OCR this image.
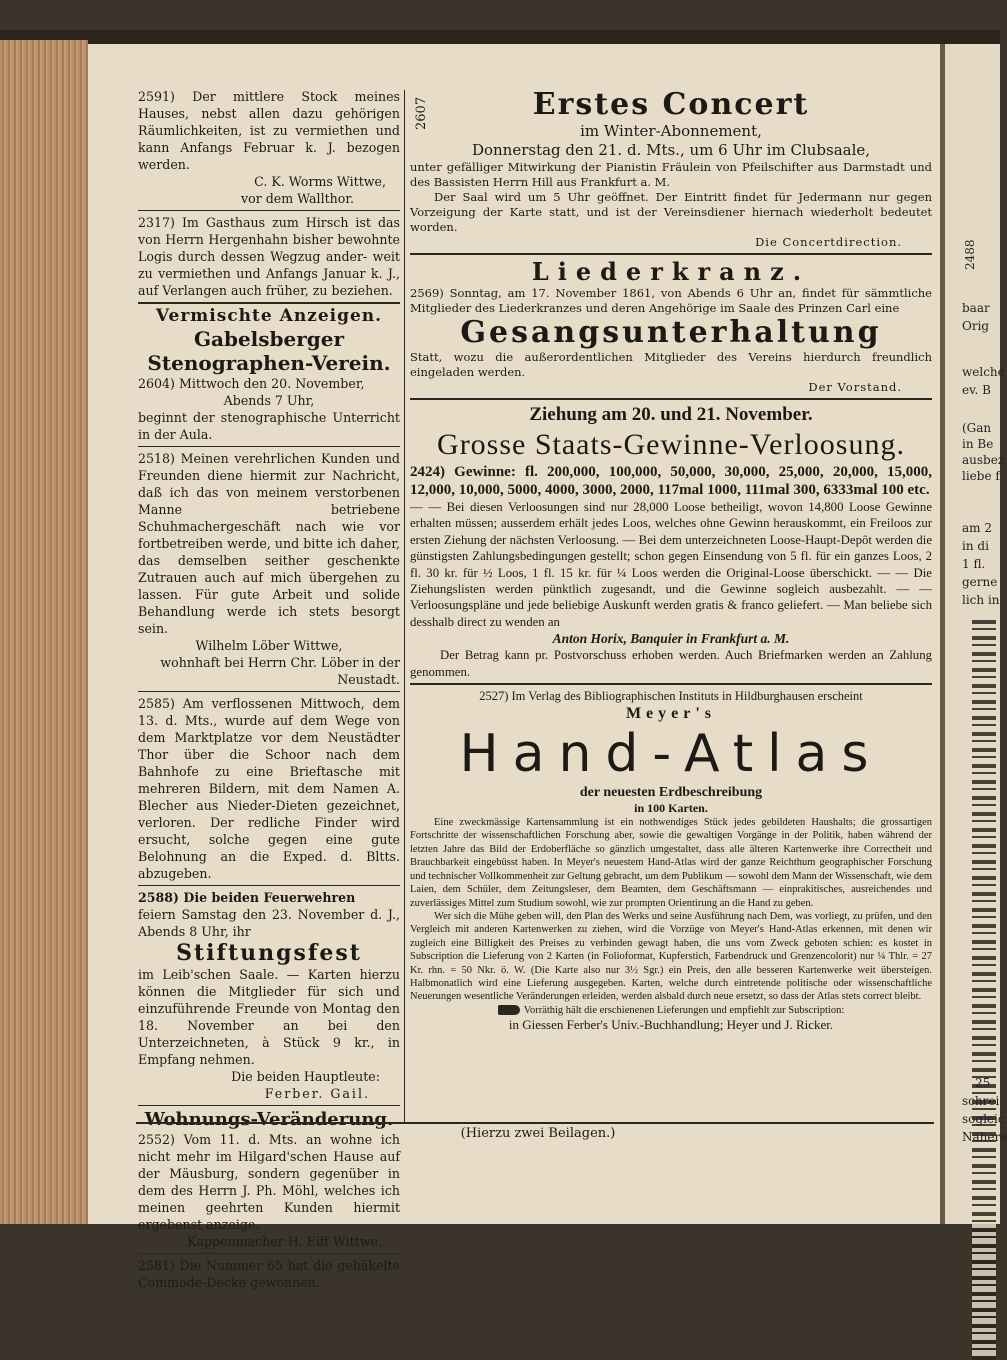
2488
baar
Orig
welche
ev. B
(Gan
in Be
ausbez
liebe f
am 2
in di
1 fl.
gerne
lich in
25
schrei
sogleic
Nähere
2607

2591) Der mittlere Stock meines Hauses, nebst allen dazu gehörigen Räumlichkeiten, ist zu vermiethen und kann Anfangs Februar k. J. bezogen werden.

C. K. Worms Wittwe,

vor dem Wallthor.

2317) Im Gasthaus zum Hirsch ist das von Herrn Hergenhahn bisher bewohnte Logis durch dessen Wegzug ander- weit zu vermiethen und Anfangs Januar k. J., auf Verlangen auch früher, zu beziehen.

Vermischte Anzeigen.
Gabelsberger
Stenographen-Verein.

2604) Mittwoch den 20. November,

Abends 7 Uhr,

beginnt der stenographische Unterricht in der Aula.

2518) Meinen verehrlichen Kunden und Freunden diene hiermit zur Nachricht, daß ich das von meinem verstorbenen Manne betriebene Schuhmachergeschäft nach wie vor fortbetreiben werde, und bitte ich daher, das demselben seither geschenkte Zutrauen auch auf mich übergehen zu lassen. Für gute Arbeit und solide Behandlung werde ich stets besorgt sein.

Wilhelm Löber Wittwe,

wohnhaft bei Herrn Chr. Löber in der Neustadt.

2585) Am verflossenen Mittwoch, dem 13. d. Mts., wurde auf dem Wege von dem Marktplatze vor dem Neustädter Thor über die Schoor nach dem Bahnhofe zu eine Brieftasche mit mehreren Bildern, mit dem Namen A. Blecher aus Nieder-Dieten gezeichnet, verloren. Der redliche Finder wird ersucht, solche gegen eine gute Belohnung an die Exped. d. Bltts. abzugeben.

2588) Die beiden Feuerwehren

feiern Samstag den 23. November d. J., Abends 8 Uhr, ihr

Stiftungsfest

im Leib'schen Saale. — Karten hierzu können die Mitglieder für sich und einzuführende Freunde von Montag den 18. November an bei den Unterzeichneten, à Stück 9 kr., in Empfang nehmen.

Die beiden Hauptleute:

Ferber. Gail.

Wohnungs-Veränderung.

2552) Vom 11. d. Mts. an wohne ich nicht mehr im Hilgard'schen Hause auf der Mäusburg, sondern gegenüber in dem des Herrn J. Ph. Möhl, welches ich meinen geehrten Kunden hiermit ergebenst anzeige.

Kappenmacher H. Eiff Wittwe.

2581) Die Nummer 65 hat die gehäkelte Commode-Decke gewonnen.

Erstes Concert
im Winter-Abonnement,
Donnerstag den 21. d. Mts., um 6 Uhr im Clubsaale,

unter gefälliger Mitwirkung der Pianistin Fräulein von Pfeilschifter aus Darmstadt und des Bassisten Herrn Hill aus Frankfurt a. M.

Der Saal wird um 5 Uhr geöffnet. Der Eintritt findet für Jedermann nur gegen Vorzeigung der Karte statt, und ist der Vereinsdiener hiernach wiederholt bedeutet worden.

Die Concertdirection.

Liederkranz.

2569) Sonntag, am 17. November 1861, von Abends 6 Uhr an, findet für sämmtliche Mitglieder des Liederkranzes und deren Angehörige im Saale des Prinzen Carl eine

Gesangsunterhaltung

Statt, wozu die außerordentlichen Mitglieder des Vereins hierdurch freundlich eingeladen werden.

Der Vorstand.

Ziehung am 20. und 21. November.
Grosse Staats-Gewinne-Verloosung.

2424) Gewinne: fl. 200,000, 100,000, 50,000, 30,000, 25,000, 20,000, 15,000, 12,000, 10,000, 5000, 4000, 3000, 2000, 117mal 1000, 111mal 300, 6333mal 100 etc.

— — Bei diesen Verloosungen sind nur 28,000 Loose betheiligt, wovon 14,800 Loose Gewinne erhalten müssen; ausserdem erhält jedes Loos, welches ohne Gewinn herauskommt, ein Freiloos zur ersten Ziehung der nächsten Verloosung. — Bei dem unterzeichneten Loose-Haupt-Depôt werden die günstigsten Zahlungsbedingungen gestellt; schon gegen Einsendung von 5 fl. für ein ganzes Loos, 2 fl. 30 kr. für ½ Loos, 1 fl. 15 kr. für ¼ Loos werden die Original-Loose überschickt. — — Die Ziehungslisten werden pünktlich zugesandt, und die Gewinne sogleich ausbezahlt. — — Verloosungspläne und jede beliebige Auskunft werden gratis & franco geliefert. — Man beliebe sich desshalb direct zu wenden an

Anton Horix, Banquier in Frankfurt a. M.

Der Betrag kann pr. Postvorschuss erhoben werden. Auch Briefmarken werden an Zahlung genommen.

2527) Im Verlag des Bibliographischen Instituts in Hildburghausen erscheint

Meyer's
Hand-Atlas
der neuesten Erdbeschreibung
in 100 Karten.

Eine zweckmässige Kartensammlung ist ein nothwendiges Stück jedes gebildeten Haushalts; die grossartigen Fortschritte der wissenschaftlichen Forschung aber, sowie die gewaltigen Vorgänge in der Politik, haben während der letzten Jahre das Bild der Erdoberfläche so gänzlich umgestaltet, dass alle älteren Kartenwerke ihre Correctheit und Brauchbarkeit eingebüsst haben. In Meyer's neuestem Hand-Atlas wird der ganze Reichthum geographischer Forschung und technischer Vollkommenheit zur Geltung gebracht, um dem Publikum — sowohl dem Mann der Wissenschaft, wie dem Laien, dem Schüler, dem Zeitungsleser, dem Beamten, dem Geschäftsmann — einprakitisches, ausreichendes und zuverlässiges Mittel zum Studium sowohl, wie zur prompten Orientirung an die Hand zu geben.

Wer sich die Mühe geben will, den Plan des Werks und seine Ausführung nach Dem, was vorliegt, zu prüfen, und den Vergleich mit anderen Kartenwerken zu ziehen, wird die Vorzüge von Meyer's Hand-Atlas erkennen, mit denen wir zugleich eine Billigkeit des Preises zu verbinden gewagt haben, die uns vom Zweck geboten schien: es kostet in Subscription die Lieferung von 2 Karten (in Folioformat, Kupferstich, Farbendruck und Grenzencolorit) nur ¼ Thlr. = 27 Kr. rhn. = 50 Nkr. ö. W. (Die Karte also nur 3½ Sgr.) ein Preis, den alle besseren Kartenwerke weit übersteigen. Halbmonatlich wird eine Lieferung ausgegeben. Karten, welche durch eintretende politische oder wissenschaftliche Neuerungen wesentliche Veränderungen erleiden, werden alsbald durch neue ersetzt, so dass der Atlas stets correct bleibt.

Vorräthig hält die erschienenen Lieferungen und empfiehlt zur Subscription:

in Giessen Ferber's Univ.-Buchhandlung; Heyer und J. Ricker.

(Hierzu zwei Beilagen.)
